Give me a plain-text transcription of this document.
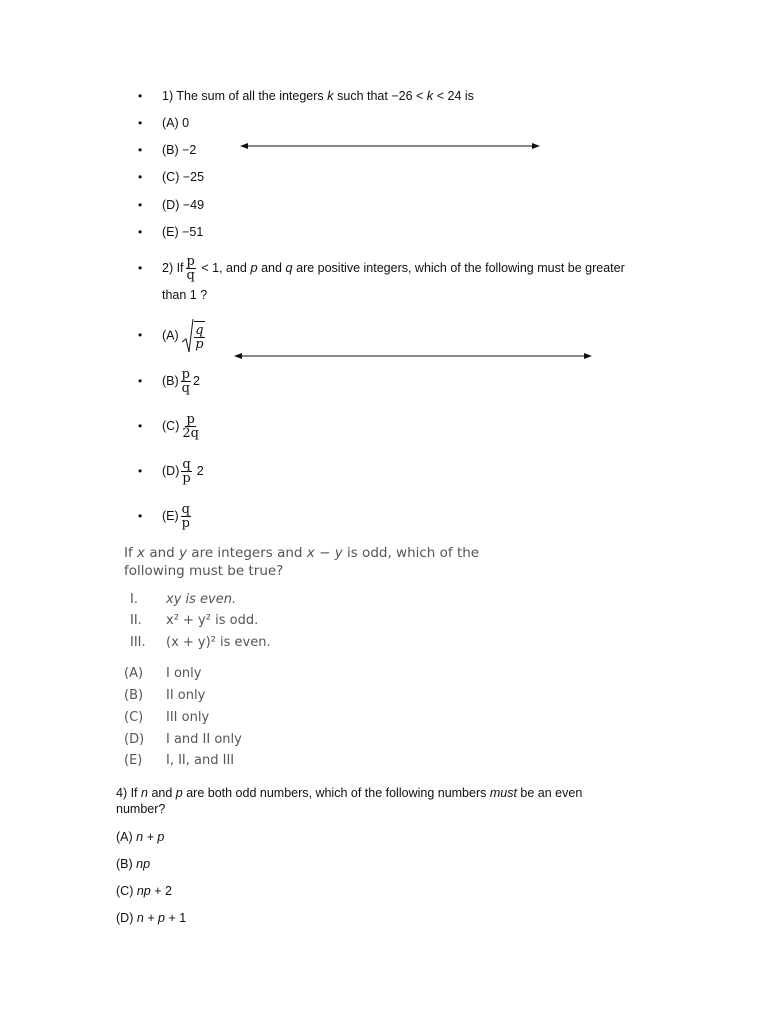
• 1) The sum of all the integers k such that −26 < k < 24 is
• (A) 0
• (B) −2
• (C) −25
• (D) −49
• (E) −51
• 2) If $\frac{p}{q} < 1$, and p and q are positive integers, which of the following must be greater
than 1 ?
• $(A) \frac{q}{p}$
• $(B) \frac{p}{q} 2$
• $(C) \frac{p}{2q}$
• $(D) \frac{q}{p} 2$
• $(E) \frac{q}{p}$
If x and y are integers and x − y is odd, which of the
following must be true?
I. xy is even.
II. x² + y² is odd.
III. (x + y)² is even.
(A) I only
(B) II only
(C) III only
(D) I and II only
(E) I, II, and III
4) If n and p are both odd numbers, which of the following numbers must be an even
number?
(A) n + p
(B) np
(C) np + 2
(D) n + p + 1
